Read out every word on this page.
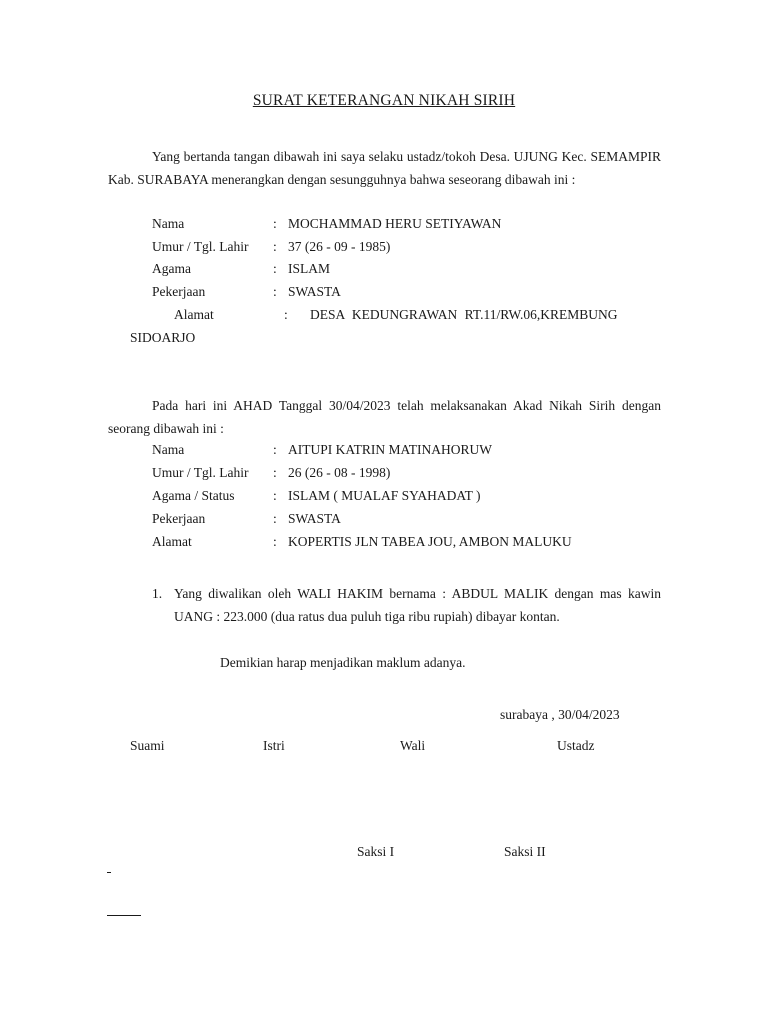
SURAT KETERANGAN NIKAH SIRIH
Yang bertanda tangan dibawah ini saya selaku ustadz/tokoh Desa. UJUNG Kec. SEMAMPIR Kab. SURABAYA menerangkan dengan sesungguhnya bahwa seseorang dibawah ini :
Nama	: MOCHAMMAD HERU SETIYAWAN
Umur / Tgl. Lahir : 37 (26 - 09 - 1985)
Agama	: ISLAM
Pekerjaan	: SWASTA
Alamat	: DESA KEDUNGRAWAN RT.11/RW.06,KREMBUNG
SIDOARJO
Pada hari ini AHAD Tanggal 30/04/2023 telah melaksanakan Akad Nikah Sirih dengan seorang dibawah ini :
Nama	: AITUPI KATRIN MATINAHORUW
Umur / Tgl. Lahir : 26 (26 - 08 - 1998)
Agama / Status	: ISLAM ( MUALAF SYAHADAT )
Pekerjaan	: SWASTA
Alamat	: KOPERTIS JLN TABEA JOU, AMBON MALUKU
1. Yang diwalikan oleh WALI HAKIM bernama : ABDUL MALIK dengan mas kawin UANG : 223.000 (dua ratus dua puluh tiga ribu rupiah) dibayar kontan.
Demikian harap menjadikan maklum adanya.
surabaya , 30/04/2023
Suami	Istri	Wali	Ustadz
Saksi I	Saksi II
